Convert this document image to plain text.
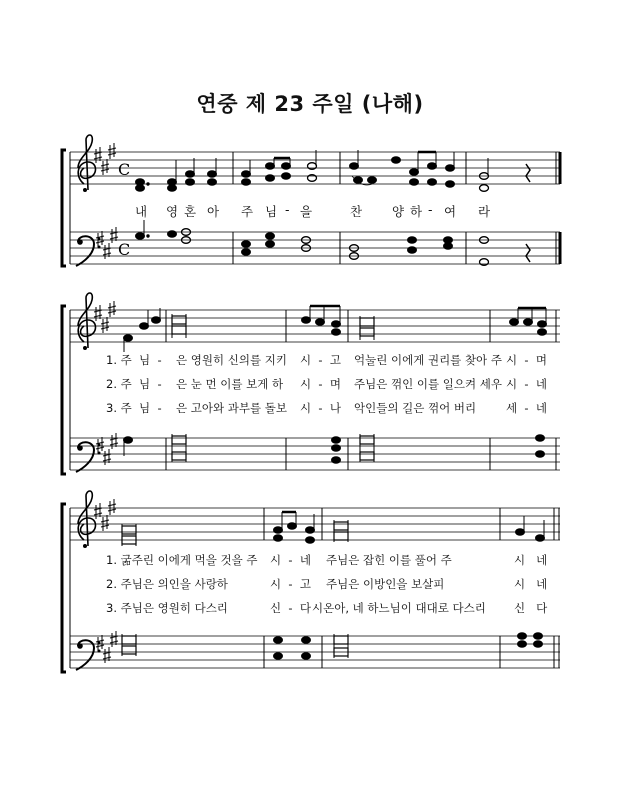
연중 제 23 주일 (나해)
C
C
내 영 혼 아 주 님 - 을	찬 양 하 - 여 라
1. 주  님  - 은 영원히 신의를 지키 시  -  고 억눌린 이에게 권리를 찾아 주 시  -  며
2. 주  님  - 은 눈 먼 이를 보게 하 시  -  며 주님은 꺾인 이를 일으켜 세우 시  -  네
3. 주  님  - 은 고아와 과부를 돌보 시  -  나 악인들의 길은 꺾어 버리	세  -  네
1. 굶주린 이에게 먹을 것을 주 시  -  네 주님은 잡힌 이를 풀어 주	시   네
2. 주님은 의인을 사랑하	시  -  고 주님은 이방인을 보살피	시   네
3. 주님은 영원히 다스리	신  -  다 시온아, 네 하느님이 대대로 다스리 신   다
